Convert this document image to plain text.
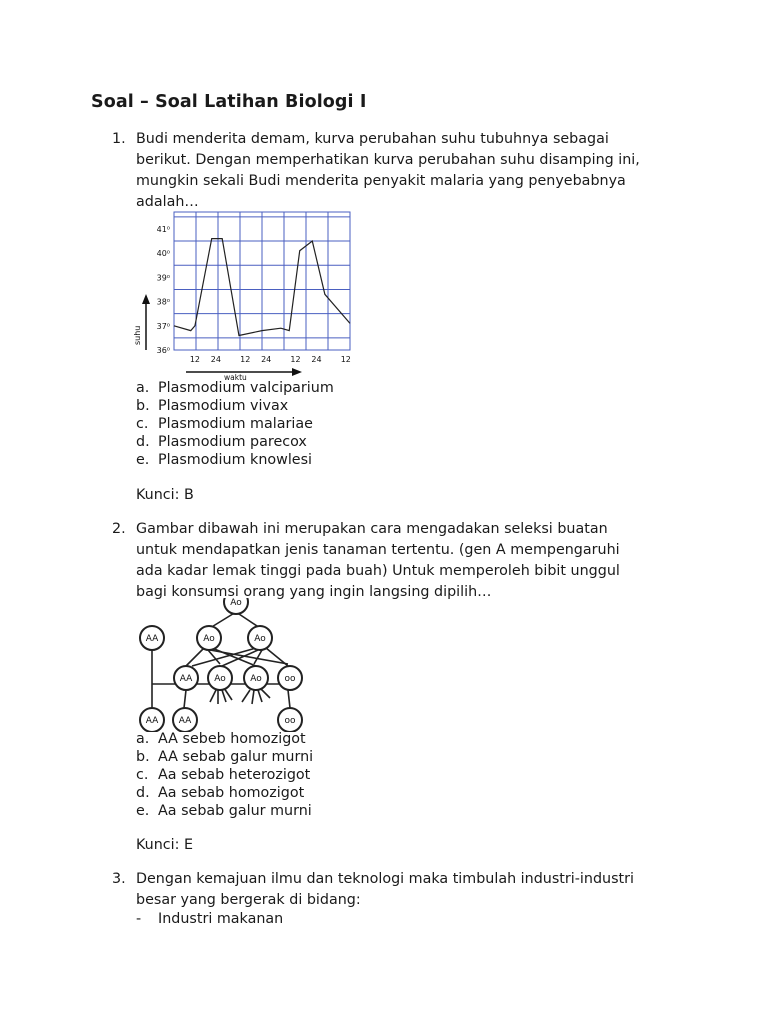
Soal – Soal Latihan Biologi I
1. Budi menderita demam, kurva perubahan suhu tubuhnya sebagai
berikut. Dengan memperhatikan kurva perubahan suhu disamping ini,
mungkin sekali Budi menderita penyakit malaria yang penyebabnya
adalah…
36⁰
37⁰
38⁰
39⁰
40⁰
41⁰
12 24 12 24 12 24 12
suhu
waktu
a. Plasmodium valciparium
b. Plasmodium vivax
c. Plasmodium malariae
d. Plasmodium parecox
e. Plasmodium knowlesi
Kunci: B
2. Gambar dibawah ini merupakan cara mengadakan seleksi buatan
untuk mendapatkan jenis tanaman tertentu. (gen A mempengaruhi
ada kadar lemak tinggi pada buah) Untuk memperoleh bibit unggul
bagi konsumsi orang yang ingin langsing dipilih…
Ao
AA	Ao	Ao
AA Ao	Ao	oo
AA AA	oo
a. AA sebeb homozigot
b. AA sebab galur murni
c. Aa sebab heterozigot
d. Aa sebab homozigot
e. Aa sebab galur murni
Kunci: E
3. Dengan kemajuan ilmu dan teknologi maka timbulah industri-industri
besar yang bergerak di bidang:
- Industri makanan
